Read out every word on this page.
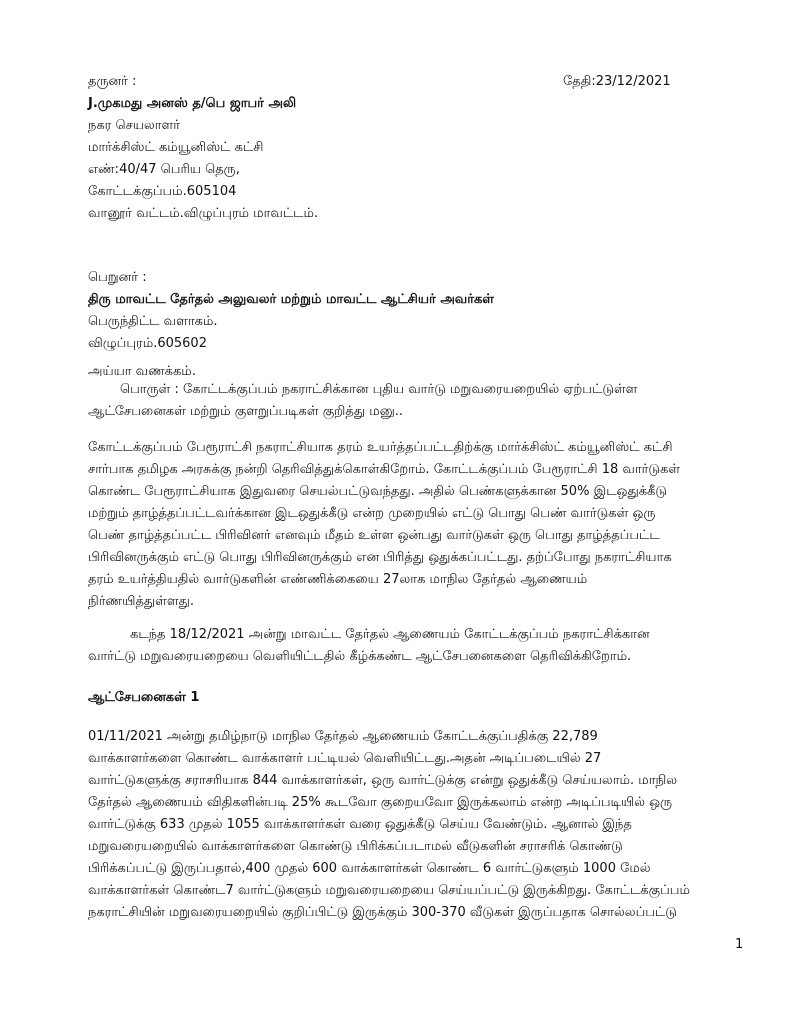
தருனர் :
J.முகமது அனஸ் த/பெ ஜாபர் அலி
நகர செயலாளர்
மார்க்சிஸ்ட் கம்யூனிஸ்ட் கட்சி
எண்:40/47 பெரிய தெரு,
கோட்டக்குப்பம்.605104
வானூர் வட்டம்.விழுப்புரம் மாவட்டம்.
தேதி:23/12/2021
பெறுனர் :
திரு மாவட்ட தேர்தல் அலுவலர் மற்றும் மாவட்ட ஆட்சியர் அவர்கள்
பெருந்திட்ட வளாகம்.
விழுப்புரம்.605602
அய்யா வணக்கம்.
பொருள் : கோட்டக்குப்பம் நகராட்சிக்கான புதிய வார்டு மறுவரையறையில் ஏற்பட்டுள்ள
ஆட்சேபனைகள் மற்றும் குளறுப்படிகள் குறித்து மனு..
கோட்டக்குப்பம் பேரூராட்சி நகராட்சியாக தரம் உயர்த்தப்பட்டதிற்க்கு மார்க்சிஸ்ட் கம்யூனிஸ்ட் கட்சி
சார்பாக தமிழக அரசுக்கு நன்றி தெரிவித்துக்கொள்கிறோம். கோட்டக்குப்பம் பேரூராட்சி 18 வார்டுகள்
கொண்ட பேரூராட்சியாக இதுவரை செயல்பட்டுவந்தது. அதில் பெண்களுக்கான 50% இடஒதுக்கீடு
மற்றும் தாழ்த்தப்பட்டவர்க்கான இடஒதுக்கீடு என்ற முறையில் எட்டு பொது பெண் வார்டுகள் ஒரு
பெண் தாழ்த்தப்பட்ட பிரிவினர் எனவும் மீதம் உள்ள ஒன்பது வார்டுகள் ஒரு பொது தாழ்த்தப்பட்ட
பிரிவினருக்கும் எட்டு பொது பிரிவினருக்கும் என பிரித்து ஒதுக்கப்பட்டது. தற்ப்போது நகராட்சியாக
தரம் உயர்த்தியதில் வார்டுகளின் எண்ணிக்கையை 27லாக மாநில தேர்தல் ஆணையம்
நிர்ணயித்துள்ளது.
கடந்த 18/12/2021 அன்று மாவட்ட தேர்தல் ஆணையம் கோட்டக்குப்பம் நகராட்சிக்கான
வார்ட்டு மறுவரையறையை வெளியிட்டதில் கீழ்க்கண்ட ஆட்சேபனைகளை தெரிவிக்கிறோம்.
ஆட்சேபனைகள் 1
01/11/2021 அன்று தமிழ்நாடு மாநில தேர்தல் ஆணையம் கோட்டக்குப்பதிக்கு 22,789
வாக்காளர்களை கொண்ட வாக்காளர் பட்டியல் வெளியிட்டது.அதன் அடிப்படையில் 27
வார்ட்டுகளுக்கு சராசரியாக 844 வாக்காளர்கள், ஒரு வார்ட்டுக்கு என்று ஒதுக்கீடு செய்யலாம். மாநில
தேர்தல் ஆணையம் விதிகளின்படி 25% கூடவோ குறையவோ இருக்கலாம் என்ற அடிப்படியில் ஒரு
வார்ட்டுக்கு 633 முதல் 1055 வாக்காளர்கள் வரை ஒதுக்கீடு செய்ய வேண்டும். ஆனால் இந்த
மறுவரையறையில் வாக்காளர்களை கொண்டு பிரிக்கப்படாமல் வீடுகளின் சராசரிக் கொண்டு
பிரிக்கப்பட்டு இருப்பதால்,400 முதல் 600 வாக்காளர்கள் கொண்ட 6 வார்ட்டுகளும் 1000 மேல்
வாக்காளர்கள் கொண்ட7 வார்ட்டுகளும் மறுவரையறையை செய்யப்பட்டு இருக்கிறது. கோட்டக்குப்பம்
நகராட்சியின் மறுவரையறையில் குறிப்பிட்டு இருக்கும் 300-370 வீடுகள் இருப்பதாக சொல்லப்பட்டு
1
